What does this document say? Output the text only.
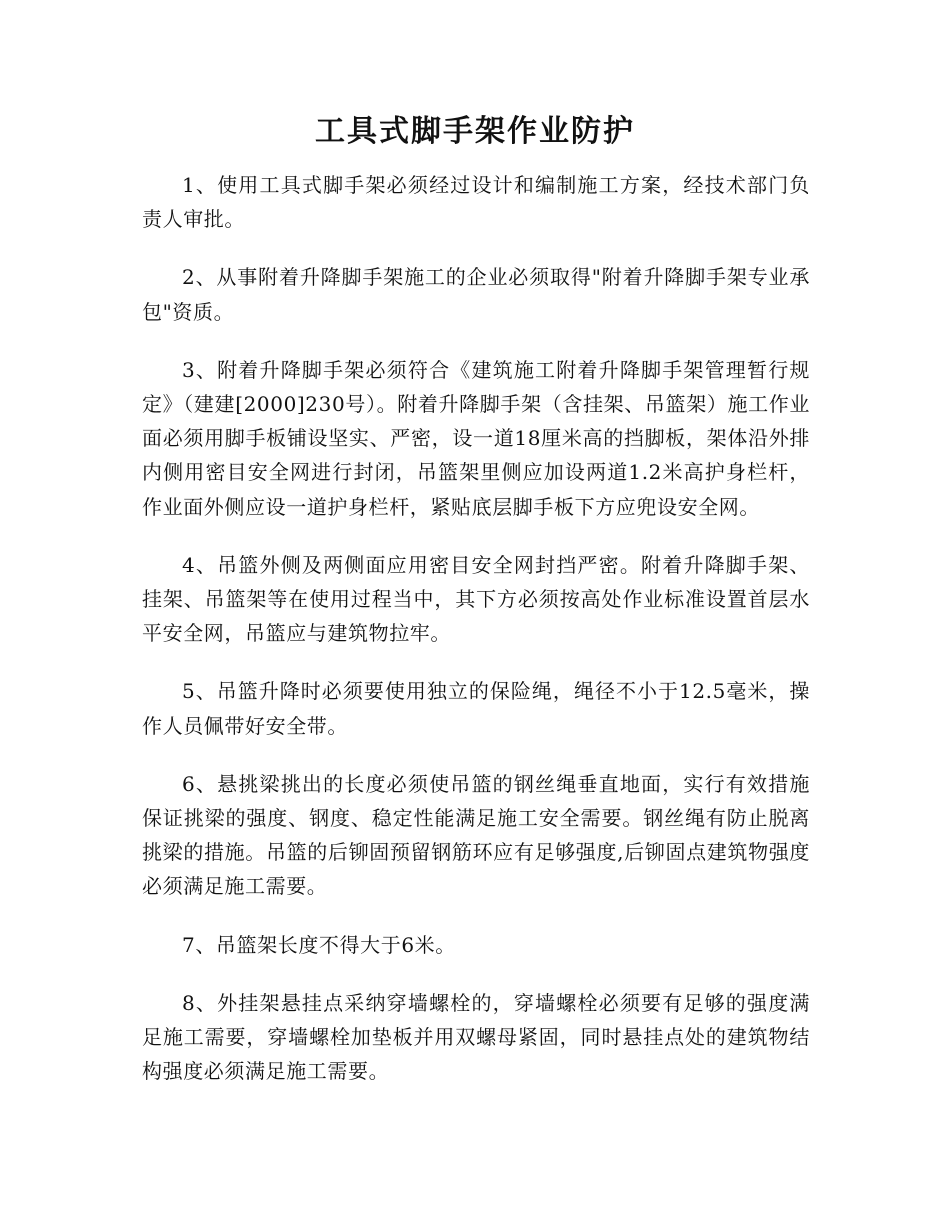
工具式脚手架作业防护

1、使用工具式脚手架必须经过设计和编制施工方案，经技术部门负责人审批。

2、从事附着升降脚手架施工的企业必须取得"附着升降脚手架专业承包"资质。

3、附着升降脚手架必须符合《建筑施工附着升降脚手架管理暂行规定》（建建[2000]230号）。附着升降脚手架（含挂架、吊篮架）施工作业面必须用脚手板铺设坚实、严密，设一道18厘米高的挡脚板，架体沿外排内侧用密目安全网进行封闭，吊篮架里侧应加设两道1.2米高护身栏杆，作业面外侧应设一道护身栏杆，紧贴底层脚手板下方应兜设安全网。

4、吊篮外侧及两侧面应用密目安全网封挡严密。附着升降脚手架、挂架、吊篮架等在使用过程当中，其下方必须按高处作业标准设置首层水平安全网，吊篮应与建筑物拉牢。

5、吊篮升降时必须要使用独立的保险绳，绳径不小于12.5毫米，操作人员佩带好安全带。

6、悬挑梁挑出的长度必须使吊篮的钢丝绳垂直地面，实行有效措施保证挑梁的强度、钢度、稳定性能满足施工安全需要。钢丝绳有防止脱离挑梁的措施。吊篮的后铆固预留钢筋环应有足够强度,后铆固点建筑物强度必须满足施工需要。

7、吊篮架长度不得大于6米。

8、外挂架悬挂点采纳穿墙螺栓的，穿墙螺栓必须要有足够的强度满足施工需要，穿墙螺栓加垫板并用双螺母紧固，同时悬挂点处的建筑物结构强度必须满足施工需要。
